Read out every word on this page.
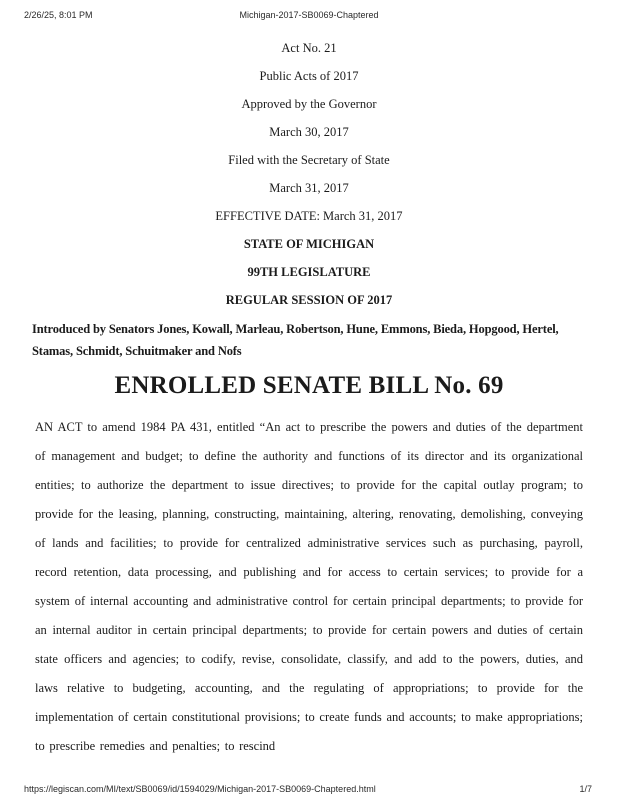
2/26/25, 8:01 PM	Michigan-2017-SB0069-Chaptered
Act No. 21
Public Acts of 2017
Approved by the Governor
March 30, 2017
Filed with the Secretary of State
March 31, 2017
EFFECTIVE DATE: March 31, 2017
STATE OF MICHIGAN
99TH LEGISLATURE
REGULAR SESSION OF 2017

Introduced by Senators Jones, Kowall, Marleau, Robertson, Hune, Emmons, Bieda, Hopgood, Hertel, Stamas, Schmidt, Schuitmaker and Nofs

ENROLLED SENATE BILL No. 69

AN ACT to amend 1984 PA 431, entitled “An act to prescribe the powers and duties of the department of management and budget; to define the authority and functions of its director and its organizational entities; to authorize the department to issue directives; to provide for the capital outlay program; to provide for the leasing, planning, constructing, maintaining, altering, renovating, demolishing, conveying of lands and facilities; to provide for centralized administrative services such as purchasing, payroll, record retention, data processing, and publishing and for access to certain services; to provide for a system of internal accounting and administrative control for certain principal departments; to provide for an internal auditor in certain principal departments; to provide for certain powers and duties of certain state officers and agencies; to codify, revise, consolidate, classify, and add to the powers, duties, and laws relative to budgeting, accounting, and the regulating of appropriations; to provide for the implementation of certain constitutional provisions; to create funds and accounts; to make appropriations; to prescribe remedies and penalties; to rescind

https://legiscan.com/MI/text/SB0069/id/1594029/Michigan-2017-SB0069-Chaptered.html	1/7
